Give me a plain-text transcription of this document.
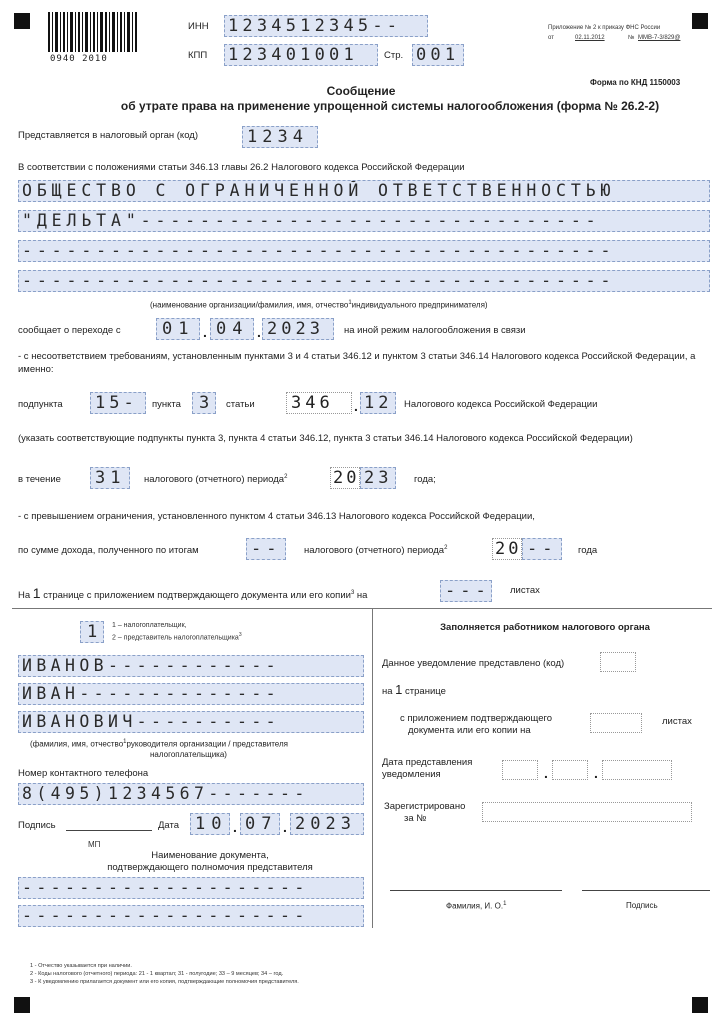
0940 2010
ИНН 1234512345--
КПП 123401001	Стр. 001
Приложение № 2 к приказу ФНС России
от	02.11.2012	№ ММВ-7-3/829@
Форма по КНД 1150003
Сообщение
об утрате права на применение упрощенной системы налогообложения (форма № 26.2-2)
Представляется в налоговый орган (код)	1234
В соответствии с положениями статьи 346.13 главы 26.2 Налогового кодекса Российской Федерации
ОБЩЕСТВО С ОГРАНИЧЕННОЙ ОТВЕТСТВЕННОСТЬЮ
"ДЕЛЬТА"-------------------------------
----------------------------------------
----------------------------------------
(наименование организации/фамилия, имя, отчество$^1$индивидуального предпринимателя)
сообщает о переходе с	01 . 04 . 2023	на иной режим налогообложения в связи
- с несоответствием требованиям, установленным пунктами 3 и 4 статьи 346.12 и пунктом 3 статьи 346.14 Налогового кодекса Российской Федерации, а именно:
подпункта 15-	пункта	3	статьи 346	. 12	Налогового кодекса Российской Федерации
(указать соответствующие подпункты пункта 3, пункта 4 статьи 346.12, пункта 3 статьи 346.14 Налогового кодекса Российской Федерации)
в течение 31	налогового (отчетного) периода$^2$	20 23	года;
- с превышением ограничения, установленного пунктом 4 статьи 346.13 Налогового кодекса Российской Федерации,
по сумме дохода, полученного по итогам	--	налогового (отчетного) периода$^2$	20 --	года
На 1 странице с приложением подтверждающего документа или его копии$^3$ на	--- листах
1	1 – налогоплательщик,
2 – представитель налогоплательщика$^3$
ИВАНОВ------------
ИВАН--------------
ИВАНОВИЧ----------
(фамилия, имя, отчество$^1$руководителя организации / представителя
налогоплательщика)
Номер контактного телефона
8(495)1234567-------
Подпись	Дата 10 . 07 . 2023
МП
Наименование документа,
подтверждающего полномочия представителя
--------------------
--------------------
Заполняется работником налогового органа
Данное уведомление представлено (код)
на 1 странице
с приложением подтверждающего
документа или его копии на
листах
Дата представления
уведомления	.	.
Зарегистрировано
за №
Фамилия, И. О.$^1$	Подпись
1 - Отчество указывается при наличии.
2 - Коды налогового (отчетного) периода: 21 - 1 квартал; 31 - полугодие; 33 – 9 месяцев; 34 – год.
3 - К уведомлению прилагается документ или его копия, подтверждающие полномочия представителя.
